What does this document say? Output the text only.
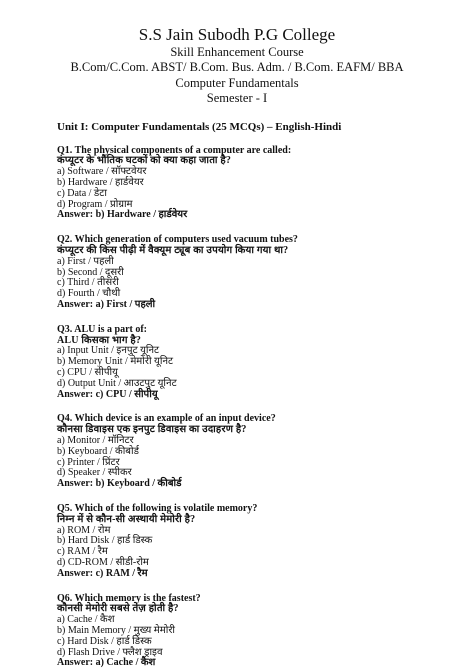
S.S Jain Subodh P.G College
Skill Enhancement Course
B.Com/C.Com. ABST/ B.Com. Bus. Adm. / B.Com. EAFM/ BBA
Computer Fundamentals
Semester - I
Unit I: Computer Fundamentals (25 MCQs) – English-Hindi
Q1. The physical components of a computer are called:
कंप्यूटर के भौतिक घटकों को क्या कहा जाता है?
a) Software / सॉफ्टवेयर
b) Hardware / हार्डवेयर
c) Data / डेटा
d) Program / प्रोग्राम
Answer: b) Hardware / हार्डवेयर
Q2. Which generation of computers used vacuum tubes?
कंप्यूटर की किस पीढ़ी में वैक्यूम ट्यूब का उपयोग किया गया था?
a) First / पहली
b) Second / दूसरी
c) Third / तीसरी
d) Fourth / चौथी
Answer: a) First / पहली
Q3. ALU is a part of:
ALU किसका भाग है?
a) Input Unit / इनपुट यूनिट
b) Memory Unit / मेमोरी यूनिट
c) CPU / सीपीयू
d) Output Unit / आउटपुट यूनिट
Answer: c) CPU / सीपीयू
Q4. Which device is an example of an input device?
कौनसा डिवाइस एक इनपुट डिवाइस का उदाहरण है?
a) Monitor / मॉनिटर
b) Keyboard / कीबोर्ड
c) Printer / प्रिंटर
d) Speaker / स्पीकर
Answer: b) Keyboard / कीबोर्ड
Q5. Which of the following is volatile memory?
निम्न में से कौन-सी अस्थायी मेमोरी है?
a) ROM / रोम
b) Hard Disk / हार्ड डिस्क
c) RAM / रैम
d) CD-ROM / सीडी-रोम
Answer: c) RAM / रैम
Q6. Which memory is the fastest?
कौनसी मेमोरी सबसे तेज़ होती है?
a) Cache / कैश
b) Main Memory / मुख्य मेमोरी
c) Hard Disk / हार्ड डिस्क
d) Flash Drive / फ्लैश ड्राइव
Answer: a) Cache / कैश
